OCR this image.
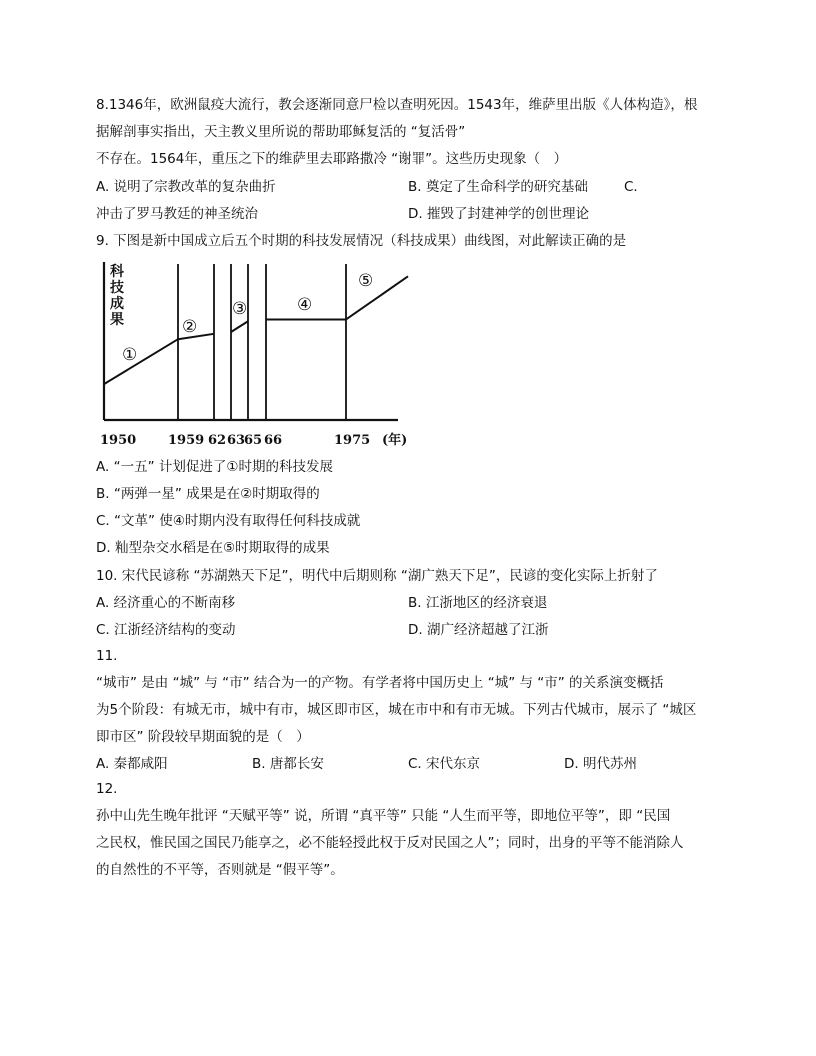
8.1346年，欧洲鼠疫大流行，教会逐渐同意尸检以查明死因。1543年，维萨里出版《人体构造》，根
据解剖事实指出，天主教义里所说的帮助耶稣复活的 “复活骨”
不存在。1564年，重压之下的维萨里去耶路撒冷 “谢罪”。这些历史现象（　）
A. 说明了宗教改革的复杂曲折	B. 奠定了生命科学的研究基础	C.
冲击了罗马教廷的神圣统治	D. 摧毁了封建神学的创世理论
9. 下图是新中国成立后五个时期的科技发展情况（科技成果）曲线图，对此解读正确的是
科
技
成
果
1950 1959 62 63
65 66	1975 (年)
①
②
③	④
⑤
A. “一五” 计划促进了①时期的科技发展
B. “两弹一星” 成果是在②时期取得的
C. “文革” 使④时期内没有取得任何科技成就
D. 籼型杂交水稻是在⑤时期取得的成果
10. 宋代民谚称 “苏湖熟天下足”，明代中后期则称 “湖广熟天下足”，民谚的变化实际上折射了
A. 经济重心的不断南移	B. 江浙地区的经济衰退
C. 江浙经济结构的变动	D. 湖广经济超越了江浙
11.
“城市” 是由 “城” 与 “市” 结合为一的产物。有学者将中国历史上 “城” 与 “市” 的关系演变概括
为5个阶段：有城无市，城中有市，城区即市区，城在市中和有市无城。下列古代城市，展示了 “城区
即市区” 阶段较早期面貌的是（　）
A. 秦都咸阳	B. 唐都长安	C. 宋代东京	D. 明代苏州
12.
孙中山先生晚年批评 “天赋平等” 说，所谓 “真平等” 只能 “人生而平等，即地位平等”，即 “民国
之民权，惟民国之国民乃能享之，必不能轻授此权于反对民国之人”；同时，出身的平等不能消除人
的自然性的不平等，否则就是 “假平等”。
